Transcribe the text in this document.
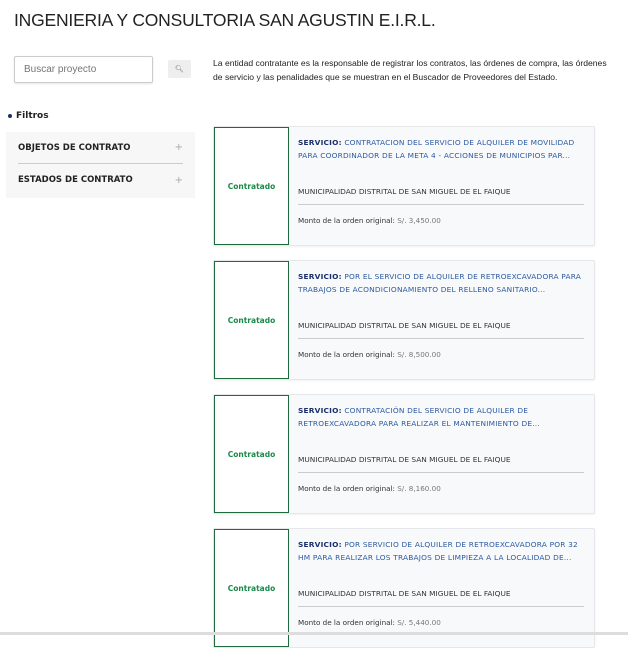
INGENIERIA Y CONSULTORIA SAN AGUSTIN E.I.R.L.
Buscar proyecto
🔍︎
La entidad contratante es la responsable de registrar los contratos, las órdenes de compra, las órdenes de servicio y las penalidades que se muestran en el Buscador de Proveedores del Estado.
Filtros
OBJETOS DE CONTRATO	+
ESTADOS DE CONTRATO	+
Contratado
SERVICIO: CONTRATACION DEL SERVICIO DE ALQUILER DE MOVILIDAD PARA COORDINADOR DE LA META 4 - ACCIONES DE MUNICIPIOS PAR...
MUNICIPALIDAD DISTRITAL DE SAN MIGUEL DE EL FAIQUE
Monto de la orden original: S/. 3,450.00
Contratado
SERVICIO: POR EL SERVICIO DE ALQUILER DE RETROEXCAVADORA PARA TRABAJOS DE ACONDICIONAMIENTO DEL RELLENO SANITARIO...
MUNICIPALIDAD DISTRITAL DE SAN MIGUEL DE EL FAIQUE
Monto de la orden original: S/. 8,500.00
Contratado
SERVICIO: CONTRATACIÓN DEL SERVICIO DE ALQUILER DE RETROEXCAVADORA PARA REALIZAR EL MANTENIMIENTO DE...
MUNICIPALIDAD DISTRITAL DE SAN MIGUEL DE EL FAIQUE
Monto de la orden original: S/. 8,160.00
Contratado
SERVICIO: POR SERVICIO DE ALQUILER DE RETROEXCAVADORA POR 32 HM PARA REALIZAR LOS TRABAJOS DE LIMPIEZA A LA LOCALIDAD DE...
MUNICIPALIDAD DISTRITAL DE SAN MIGUEL DE EL FAIQUE
Monto de la orden original: S/. 5,440.00
